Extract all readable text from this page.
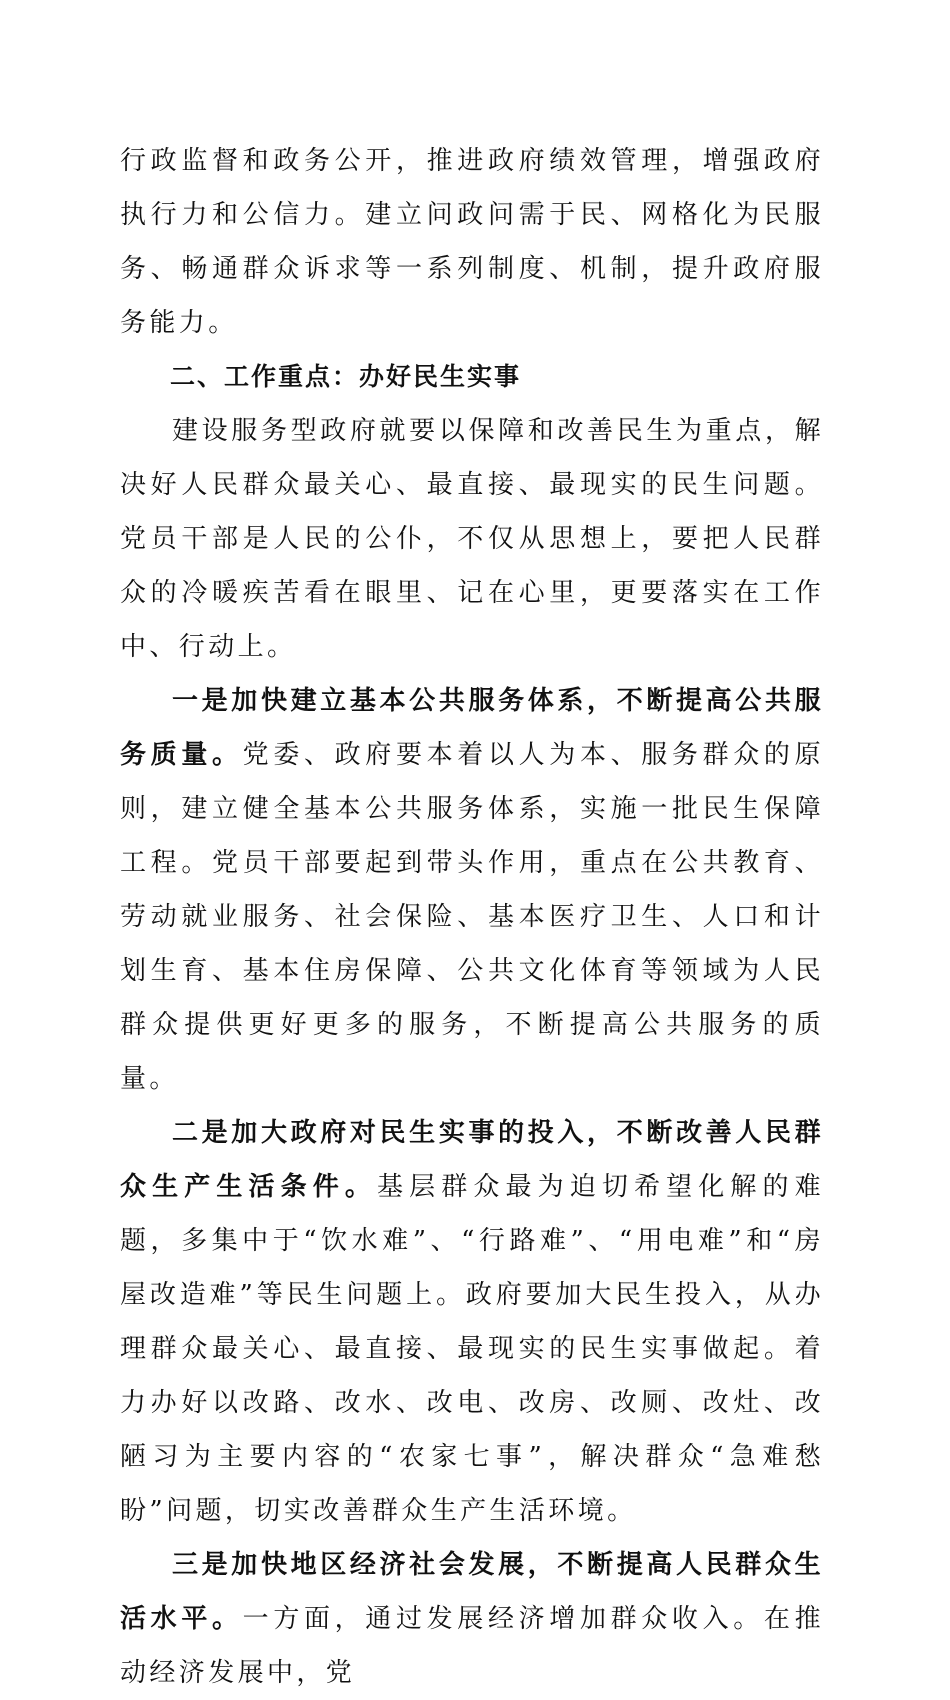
行政监督和政务公开，推进政府绩效管理，增强政府执行力和公信力。建立问政问需于民、网格化为民服务、畅通群众诉求等一系列制度、机制，提升政府服务能力。

二、工作重点：办好民生实事

建设服务型政府就要以保障和改善民生为重点，解决好人民群众最关心、最直接、最现实的民生问题。党员干部是人民的公仆，不仅从思想上，要把人民群众的冷暖疾苦看在眼里、记在心里，更要落实在工作中、行动上。

一是加快建立基本公共服务体系，不断提高公共服务质量。党委、政府要本着以人为本、服务群众的原则，建立健全基本公共服务体系，实施一批民生保障工程。党员干部要起到带头作用，重点在公共教育、劳动就业服务、社会保险、基本医疗卫生、人口和计划生育、基本住房保障、公共文化体育等领域为人民群众提供更好更多的服务，不断提高公共服务的质量。

二是加大政府对民生实事的投入，不断改善人民群众生产生活条件。基层群众最为迫切希望化解的难题，多集中于“饮水难”、“行路难”、“用电难”和“房屋改造难”等民生问题上。政府要加大民生投入，从办理群众最关心、最直接、最现实的民生实事做起。着力办好以改路、改水、改电、改房、改厕、改灶、改陋习为主要内容的“农家七事”，解决群众“急难愁盼”问题，切实改善群众生产生活环境。

三是加快地区经济社会发展，不断提高人民群众生活水平。一方面，通过发展经济增加群众收入。在推动经济发展中，党
